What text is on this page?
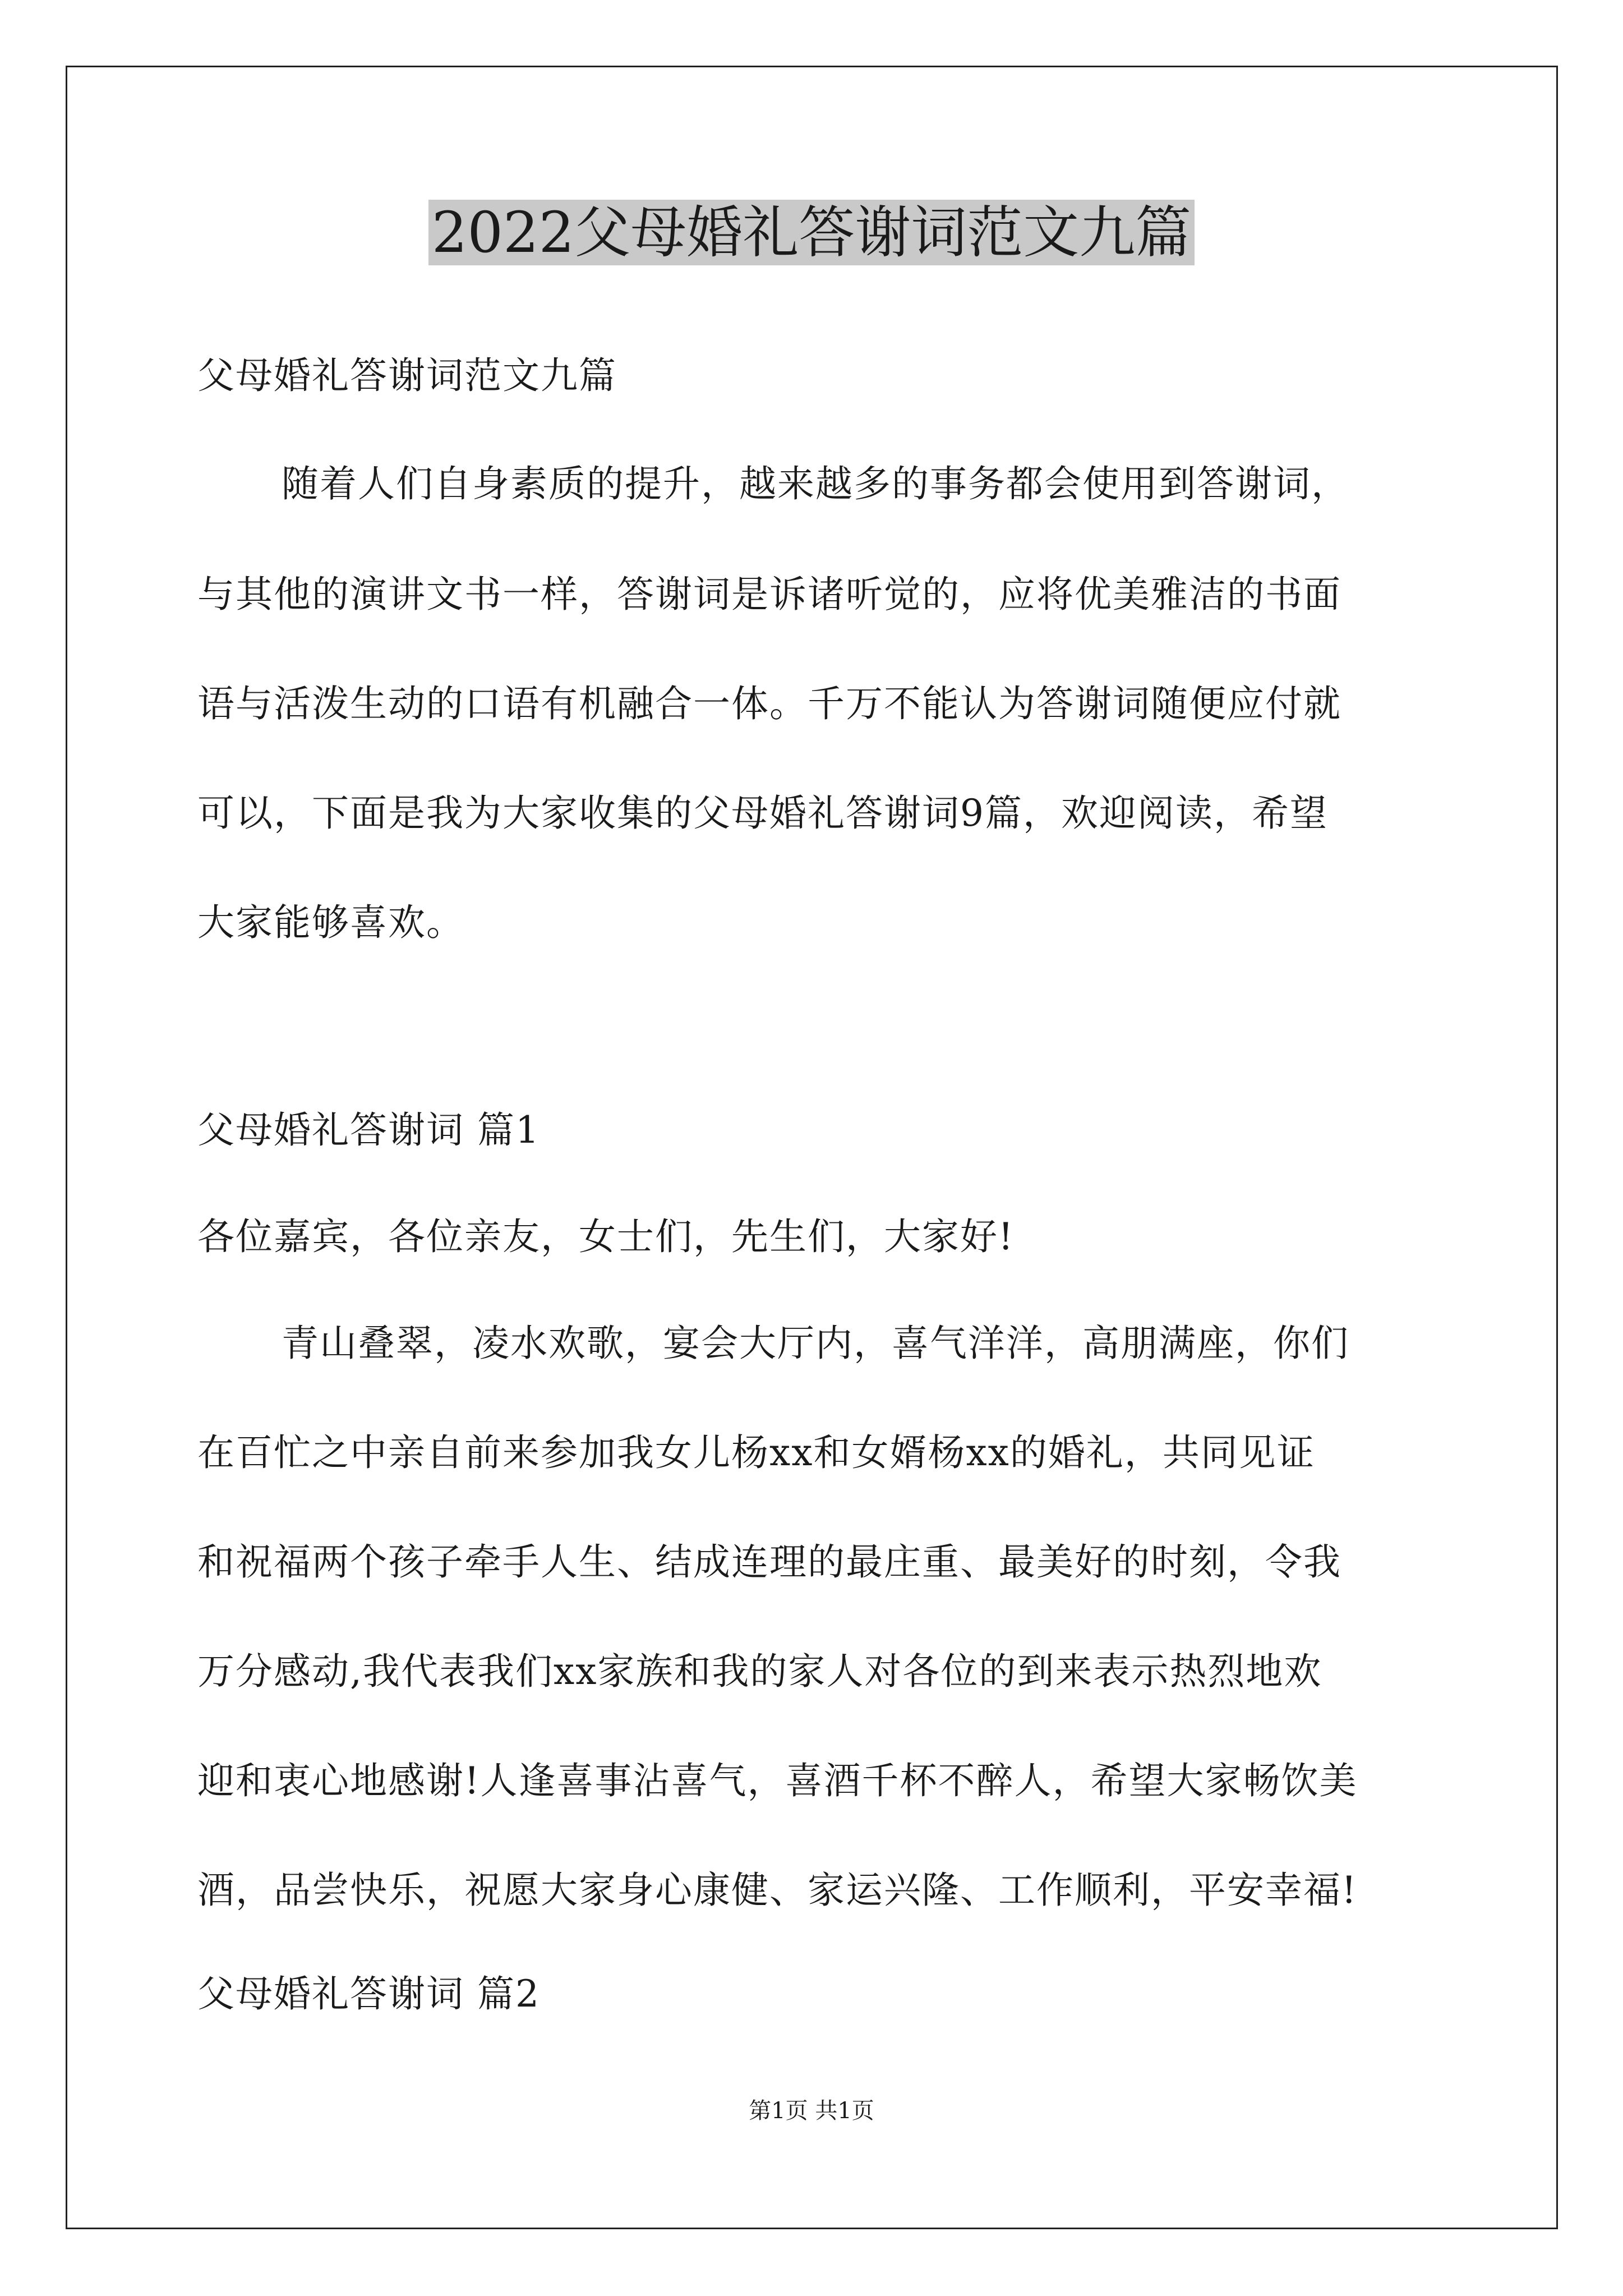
2022父母婚礼答谢词范文九篇
父母婚礼答谢词范文九篇
随着人们自身素质的提升，越来越多的事务都会使用到答谢词，
与其他的演讲文书一样，答谢词是诉诸听觉的，应将优美雅洁的书面
语与活泼生动的口语有机融合一体。千万不能认为答谢词随便应付就
可以，下面是我为大家收集的父母婚礼答谢词9篇，欢迎阅读，希望
大家能够喜欢。
父母婚礼答谢词 篇1
各位嘉宾，各位亲友，女士们，先生们，大家好!
青山叠翠，凌水欢歌，宴会大厅内，喜气洋洋，高朋满座，你们
在百忙之中亲自前来参加我女儿杨xx和女婿杨xx的婚礼，共同见证
和祝福两个孩子牵手人生、结成连理的最庄重、最美好的时刻，令我
万分感动,我代表我们xx家族和我的家人对各位的到来表示热烈地欢
迎和衷心地感谢!人逢喜事沾喜气，喜酒千杯不醉人，希望大家畅饮美
酒，品尝快乐，祝愿大家身心康健、家运兴隆、工作顺利，平安幸福!
父母婚礼答谢词 篇2
第1页 共1页
